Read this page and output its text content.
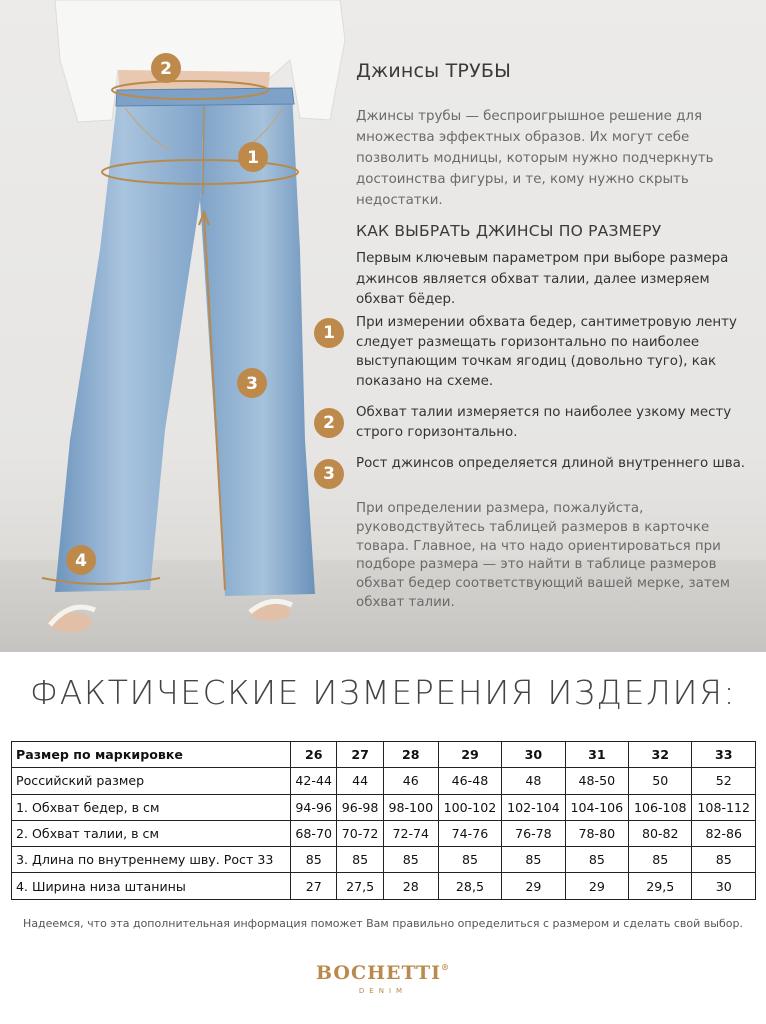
2
1
3
4
Джинсы ТРУБЫ
Джинсы трубы — беспроигрышное решение для множества эффектных образов. Их могут себе позволить модницы, которым нужно подчеркнуть достоинства фигуры, и те, кому нужно скрыть недостатки.
КАК ВЫБРАТЬ ДЖИНСЫ ПО РАЗМЕРУ
Первым ключевым параметром при выборе размера джинсов является обхват талии, далее измеряем обхват бёдер.
1
При измерении обхвата бедер, сантиметровую ленту следует размещать горизонтально по наиболее выступающим точкам ягодиц (довольно туго), как показано на схеме.
2
Обхват талии измеряется по наиболее узкому месту строго горизонтально.
3
Рост джинсов определяется длиной внутреннего шва.
При определении размера, пожалуйста, руководствуйтесь таблицей размеров в карточке товара. Главное, на что надо ориентироваться при подборе размера — это найти в таблице размеров обхват бедер соответствующий вашей мерке, затем обхват талии.
ФАКТИЧЕСКИЕ ИЗМЕРЕНИЯ ИЗДЕЛИЯ:
Размер по маркировке	26	27	28	29	30	31	32	33
Российский размер	42-44	44	46	46-48	48	48-50	50	52
1. Обхват бедер, в см	94-96	96-98	98-100	100-102	102-104	104-106	106-108	108-112
2. Обхват талии, в см	68-70	70-72	72-74	74-76	76-78	78-80	80-82	82-86
3. Длина по внутреннему шву. Рост 33	85	85	85	85	85	85	85	85
4. Ширина низа штанины	27	27,5	28	28,5	29	29	29,5	30
Надеемся, что эта дополнительная информация поможет Вам правильно определиться с размером и сделать свой выбор.
BOCHETTI®
DENIM
